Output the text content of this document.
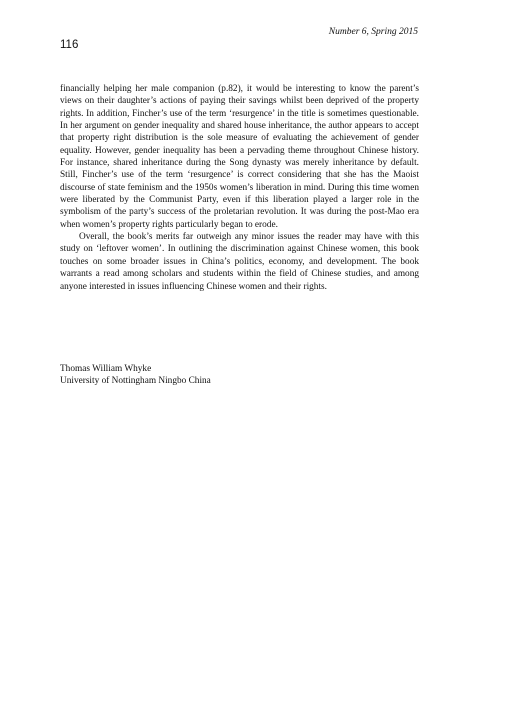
Number 6, Spring 2015
116

financially helping her male companion (p.82), it would be interesting to know the parent’s views on their daughter’s actions of paying their savings whilst been deprived of the property rights. In addition, Fincher’s use of the term ‘resurgence’ in the title is sometimes questionable. In her argument on gender inequality and shared house inheritance, the author appears to accept that property right distribution is the sole measure of evaluating the achievement of gender equality. However, gender inequality has been a pervading theme throughout Chinese history. For instance, shared inheritance during the Song dynasty was merely inheritance by default. Still, Fincher’s use of the term ‘resurgence’ is correct considering that she has the Maoist discourse of state feminism and the 1950s women’s liberation in mind. During this time women were liberated by the Communist Party, even if this liberation played a larger role in the symbolism of the party’s success of the proletarian revolution. It was during the post-Mao era when women’s property rights particularly began to erode.

Overall, the book’s merits far outweigh any minor issues the reader may have with this study on ‘leftover women’. In outlining the discrimination against Chinese women, this book touches on some broader issues in China’s politics, economy, and development. The book warrants a read among scholars and students within the field of Chinese studies, and among anyone interested in issues influencing Chinese women and their rights.

Thomas William Whyke
University of Nottingham Ningbo China
